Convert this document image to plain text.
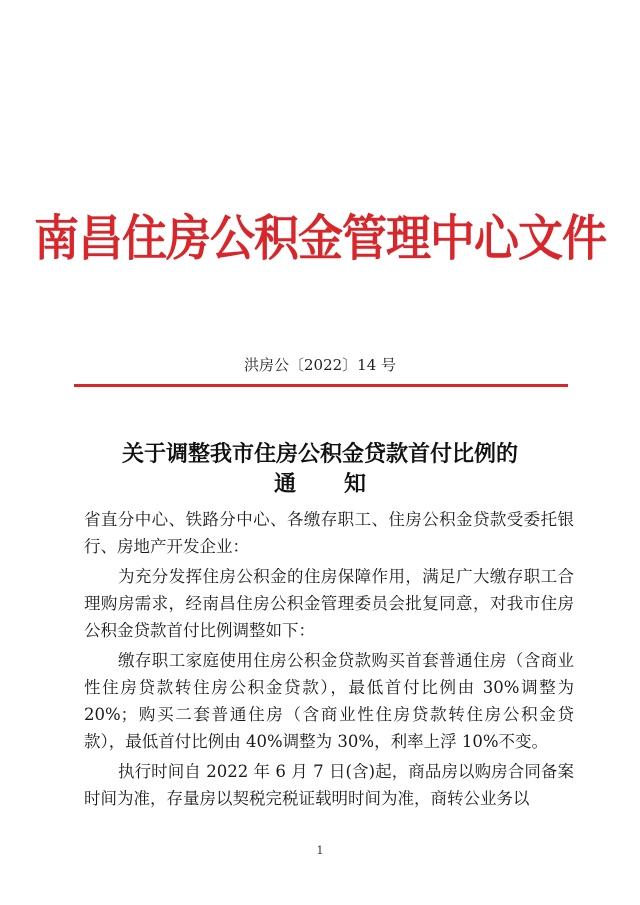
南昌住房公积金管理中心文件
洪房公〔2022〕14 号
关于调整我市住房公积金贷款首付比例的
通知

省直分中心、铁路分中心、各缴存职工、住房公积金贷款受委托银行、房地产开发企业：

为充分发挥住房公积金的住房保障作用，满足广大缴存职工合理购房需求，经南昌住房公积金管理委员会批复同意，对我市住房公积金贷款首付比例调整如下：

缴存职工家庭使用住房公积金贷款购买首套普通住房（含商业性住房贷款转住房公积金贷款），最低首付比例由 30%调整为 20%；购买二套普通住房（含商业性住房贷款转住房公积金贷款），最低首付比例由 40%调整为 30%，利率上浮 10%不变。

执行时间自 2022 年 6 月 7 日(含)起，商品房以购房合同备案时间为准，存量房以契税完税证载明时间为准，商转公业务以

1
